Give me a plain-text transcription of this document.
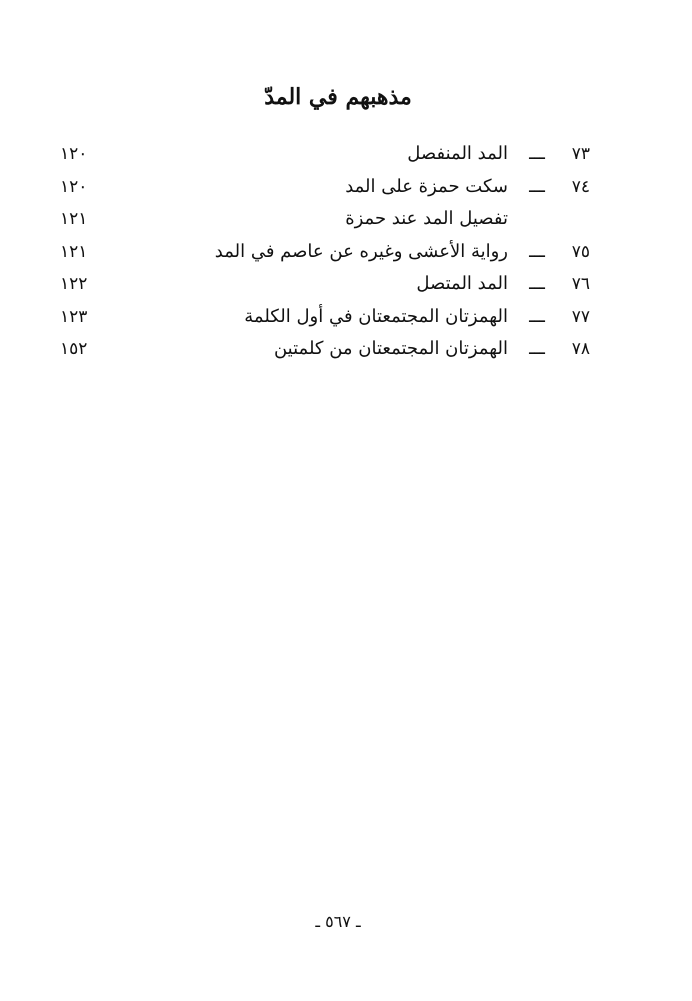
مذهبهم في المدّ
٧٣
ـــ
المد المنفصل
١٢٠
٧٤
ـــ
سكت حمزة على المد
١٢٠
تفصيل المد عند حمزة
١٢١
٧٥
ـــ
رواية الأعشى وغيره عن عاصم في المد
١٢١
٧٦
ـــ
المد المتصل
١٢٢
٧٧
ـــ
الهمزتان المجتمعتان في أول الكلمة
١٢٣
٧٨
ـــ
الهمزتان المجتمعتان من كلمتين
١٥٢
ـ ٥٦٧ ـ
